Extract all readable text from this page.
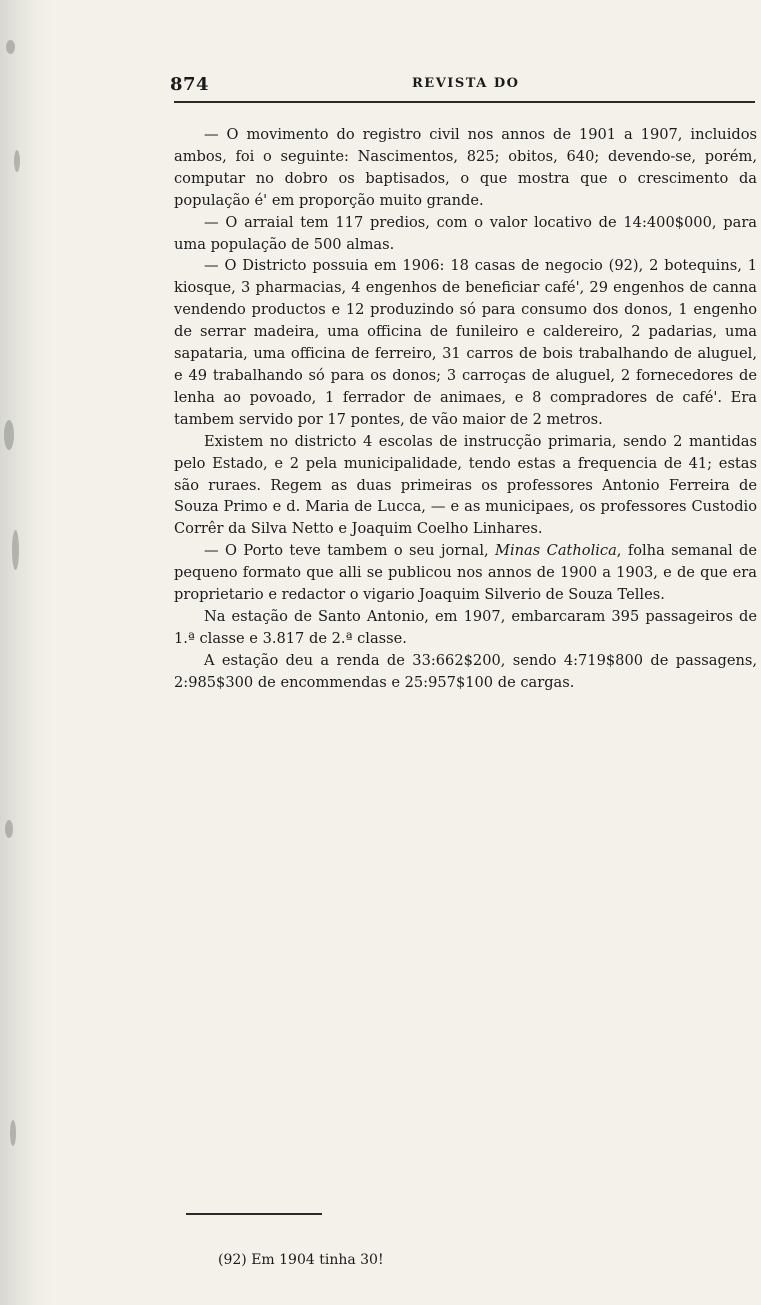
874	REVISTA DO

— O movimento do registro civil nos annos de 1901 a 1907, incluidos ambos, foi o seguinte: Nascimentos, 825; obitos, 640; devendo-se, porém, computar no dobro os baptisados, o que mostra que o crescimento da população é' em proporção muito grande.

— O arraial tem 117 predios, com o valor locativo de 14:400$000, para uma população de 500 almas.

— O Districto possuia em 1906: 18 casas de negocio (92), 2 botequins, 1 kiosque, 3 pharmacias, 4 engenhos de beneficiar café', 29 engenhos de canna vendendo productos e 12 produzindo só para consumo dos donos, 1 engenho de serrar madeira, uma officina de funileiro e caldereiro, 2 padarias, uma sapataria, uma officina de ferreiro, 31 carros de bois trabalhando de aluguel, e 49 trabalhando só para os donos; 3 carroças de aluguel, 2 fornecedores de lenha ao povoado, 1 ferrador de animaes, e 8 compradores de café'. Era tambem servido por 17 pontes, de vão maior de 2 metros.

Existem no districto 4 escolas de instrucção primaria, sendo 2 mantidas pelo Estado, e 2 pela municipalidade, tendo estas a frequencia de 41; estas são ruraes. Regem as duas primeiras os professores Antonio Ferreira de Souza Primo e d. Maria de Lucca, — e as municipaes, os professores Custodio Corrêr da Silva Netto e Joaquim Coelho Linhares.

— O Porto teve tambem o seu jornal, Minas Catholica, folha semanal de pequeno formato que alli se publicou nos annos de 1900 a 1903, e de que era proprietario e redactor o vigario Joaquim Silverio de Souza Telles.

Na estação de Santo Antonio, em 1907, embarcaram 395 passageiros de 1.ª classe e 3.817 de 2.ª classe.

A estação deu a renda de 33:662$200, sendo 4:719$800 de passagens, 2:985$300 de encommendas e 25:957$100 de cargas.

(92) Em 1904 tinha 30!
